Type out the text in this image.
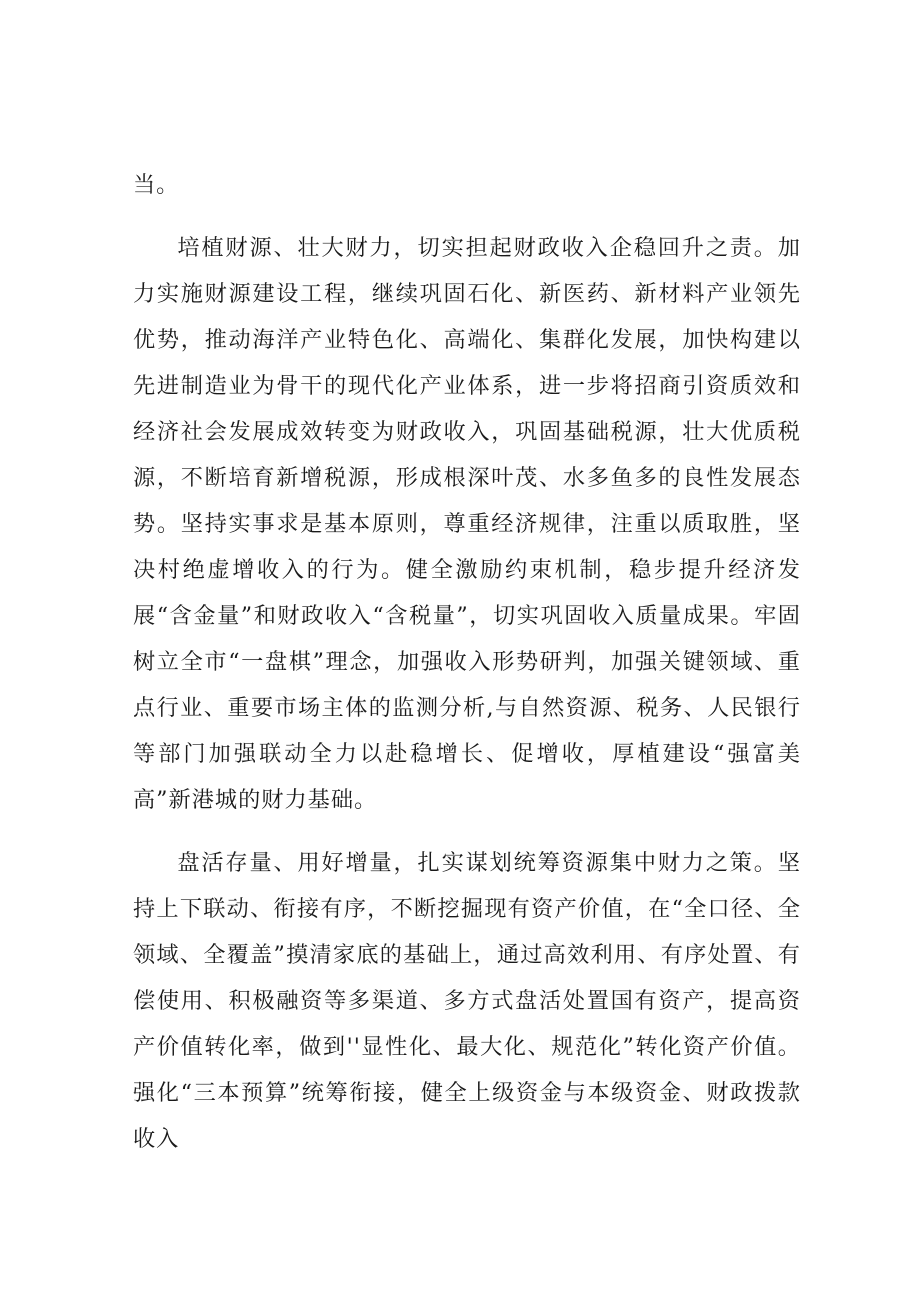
当。

培植财源、壮大财力，切实担起财政收入企稳回升之责。加力实施财源建设工程，继续巩固石化、新医药、新材料产业领先优势，推动海洋产业特色化、高端化、集群化发展，加快构建以先进制造业为骨干的现代化产业体系，进一步将招商引资质效和经济社会发展成效转变为财政收入，巩固基础税源，壮大优质税源，不断培育新增税源，形成根深叶茂、水多鱼多的良性发展态势。坚持实事求是基本原则，尊重经济规律，注重以质取胜，坚决村绝虚增收入的行为。健全激励约束机制，稳步提升经济发展“含金量”和财政收入“含税量”，切实巩固收入质量成果。牢固树立全市“一盘棋”理念，加强收入形势研判，加强关键领域、重点行业、重要市场主体的监测分析,与自然资源、税务、人民银行等部门加强联动全力以赴稳增长、促增收，厚植建设“强富美高”新港城的财力基础。

盘活存量、用好增量，扎实谋划统筹资源集中财力之策。坚持上下联动、衔接有序，不断挖掘现有资产价值，在“全口径、全领域、全覆盖”摸清家底的基础上，通过高效利用、有序处置、有偿使用、积极融资等多渠道、多方式盘活处置国有资产，提高资产价值转化率，做到''显性化、最大化、规范化”转化资产价值。强化“三本预算”统筹衔接，健全上级资金与本级资金、财政拨款收入
